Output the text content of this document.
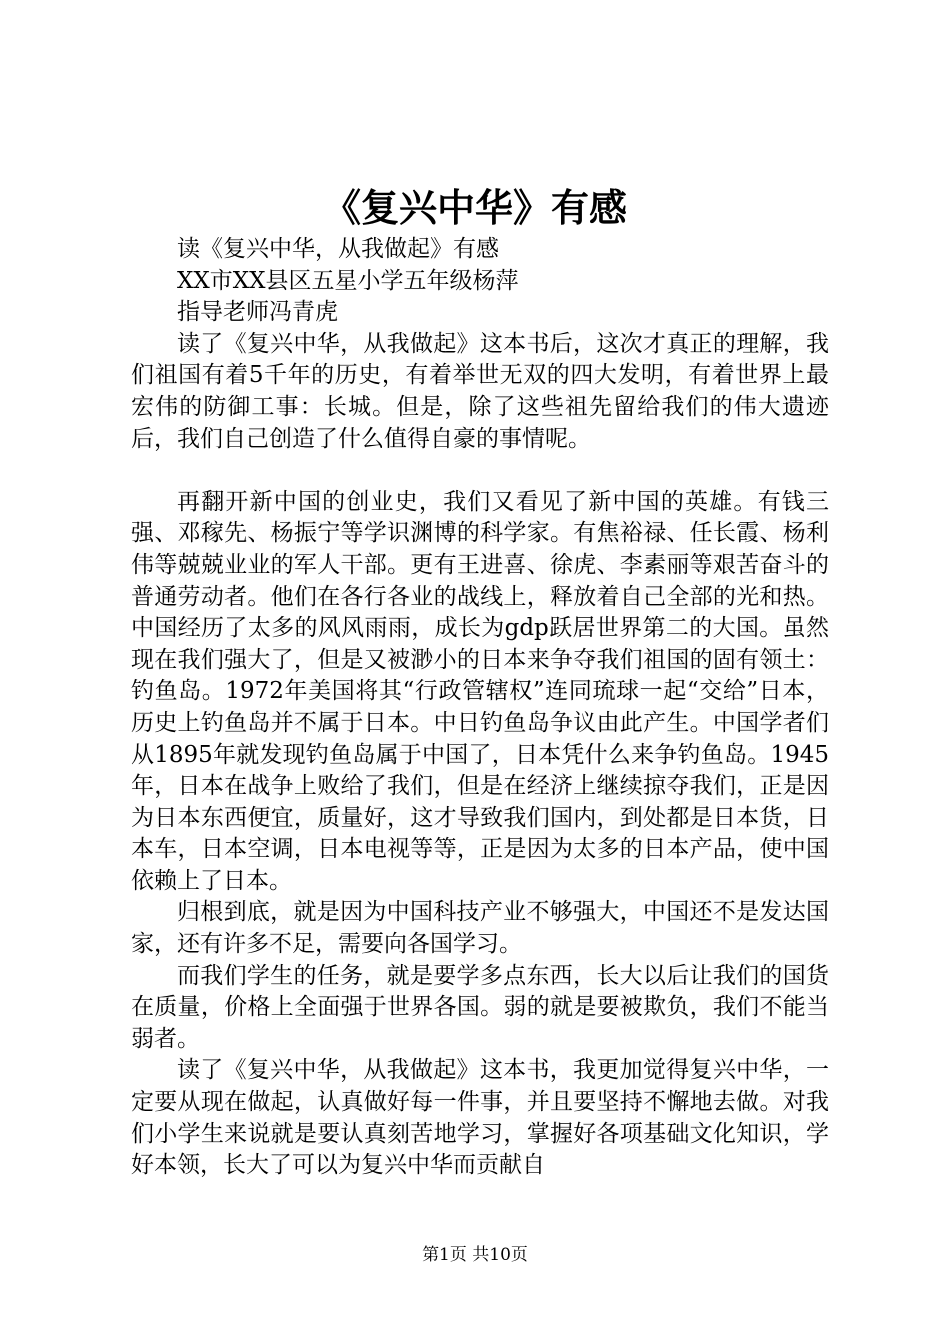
《复兴中华》有感

读《复兴中华，从我做起》有感

XX市XX县区五星小学五年级杨萍

指导老师冯青虎

读了《复兴中华，从我做起》这本书后，这次才真正的理解，我们祖国有着5千年的历史，有着举世无双的四大发明，有着世界上最宏伟的防御工事：长城。但是，除了这些祖先留给我们的伟大遗迹后，我们自己创造了什么值得自豪的事情呢。

再翻开新中国的创业史，我们又看见了新中国的英雄。有钱三强、邓稼先、杨振宁等学识渊博的科学家。有焦裕禄、任长霞、杨利伟等兢兢业业的军人干部。更有王进喜、徐虎、李素丽等艰苦奋斗的普通劳动者。他们在各行各业的战线上，释放着自己全部的光和热。中国经历了太多的风风雨雨，成长为gdp跃居世界第二的大国。虽然现在我们强大了，但是又被渺小的日本来争夺我们祖国的固有领土：钓鱼岛。1972年美国将其“行政管辖权”连同琉球一起“交给”日本，历史上钓鱼岛并不属于日本。中日钓鱼岛争议由此产生。中国学者们从1895年就发现钓鱼岛属于中国了，日本凭什么来争钓鱼岛。1945年，日本在战争上败给了我们，但是在经济上继续掠夺我们，正是因为日本东西便宜，质量好，这才导致我们国内，到处都是日本货，日本车，日本空调，日本电视等等，正是因为太多的日本产品，使中国依赖上了日本。

归根到底，就是因为中国科技产业不够强大，中国还不是发达国家，还有许多不足，需要向各国学习。

而我们学生的任务，就是要学多点东西，长大以后让我们的国货在质量，价格上全面强于世界各国。弱的就是要被欺负，我们不能当弱者。

读了《复兴中华，从我做起》这本书，我更加觉得复兴中华，一定要从现在做起，认真做好每一件事，并且要坚持不懈地去做。对我们小学生来说就是要认真刻苦地学习，掌握好各项基础文化知识，学好本领，长大了可以为复兴中华而贡献自

第1页 共10页
